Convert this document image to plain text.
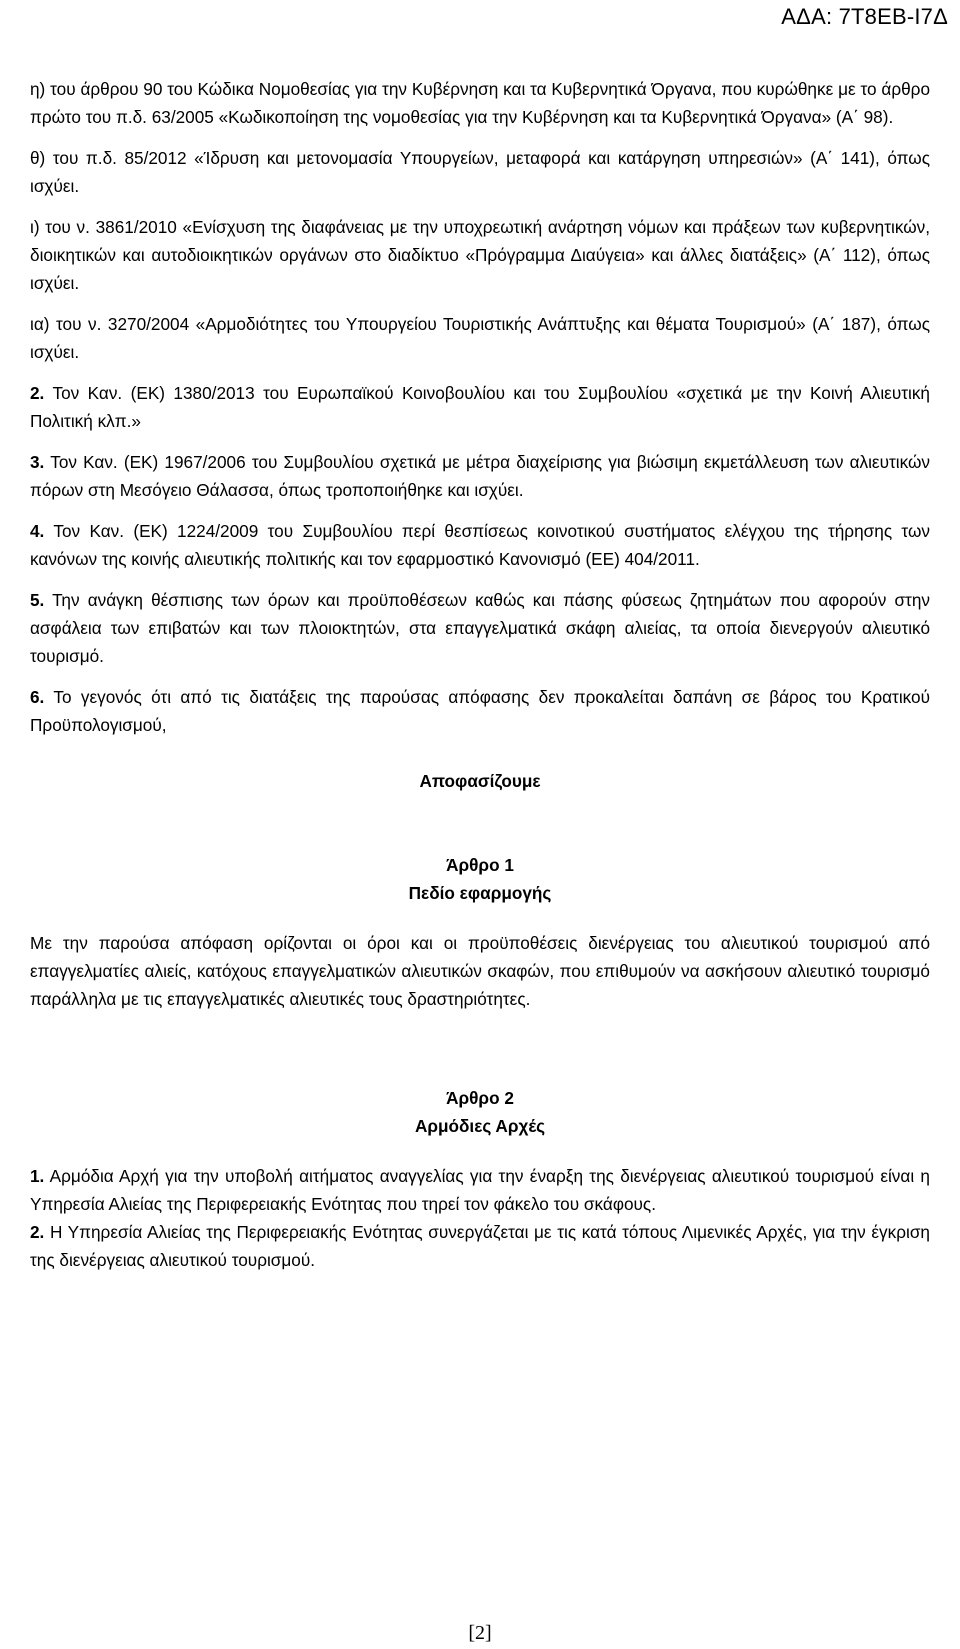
ΑΔΑ: 7Τ8ΕΒ-Ι7Δ

η) του άρθρου 90 του Κώδικα Νομοθεσίας για την Κυβέρνηση και τα Κυβερνητικά Όργανα, που κυρώθηκε με το άρθρο πρώτο του π.δ. 63/2005 «Κωδικοποίηση της νομοθεσίας για την Κυβέρνηση και τα Κυβερνητικά Όργανα» (Α΄ 98).

θ) του π.δ. 85/2012 «Ίδρυση και μετονομασία Υπουργείων, μεταφορά και κατάργηση υπηρεσιών» (Α΄ 141), όπως ισχύει.

ι) του ν. 3861/2010 «Ενίσχυση της διαφάνειας με την υποχρεωτική ανάρτηση νόμων και πράξεων των κυβερνητικών, διοικητικών και αυτοδιοικητικών οργάνων στο διαδίκτυο «Πρόγραμμα Διαύγεια» και άλλες διατάξεις» (Α΄ 112), όπως ισχύει.

ια) του ν. 3270/2004 «Αρμοδιότητες του Υπουργείου Τουριστικής Ανάπτυξης και θέματα Τουρισμού» (Α΄ 187), όπως ισχύει.

2. Τον Καν. (ΕΚ) 1380/2013 του Ευρωπαϊκού Κοινοβουλίου και του Συμβουλίου «σχετικά με την Κοινή Αλιευτική Πολιτική κλπ.»

3. Τον Καν. (ΕΚ) 1967/2006 του Συμβουλίου σχετικά με μέτρα διαχείρισης για βιώσιμη εκμετάλλευση των αλιευτικών πόρων στη Μεσόγειο Θάλασσα, όπως τροποποιήθηκε και ισχύει.

4. Τον Καν. (ΕΚ) 1224/2009 του Συμβουλίου περί θεσπίσεως κοινοτικού συστήματος ελέγχου της τήρησης των κανόνων της κοινής αλιευτικής πολιτικής και τον εφαρμοστικό Κανονισμό (ΕΕ) 404/2011.

5. Την ανάγκη θέσπισης των όρων και προϋποθέσεων καθώς και πάσης φύσεως ζητημάτων που αφορούν στην ασφάλεια των επιβατών και των πλοιοκτητών, στα επαγγελματικά σκάφη αλιείας, τα οποία διενεργούν αλιευτικό τουρισμό.

6. Το γεγονός ότι από τις διατάξεις της παρούσας απόφασης δεν προκαλείται δαπάνη σε βάρος του Κρατικού Προϋπολογισμού,

Αποφασίζουμε

Άρθρο 1

Πεδίο εφαρμογής

Με την παρούσα απόφαση ορίζονται οι όροι και οι προϋποθέσεις διενέργειας του αλιευτικού τουρισμού από επαγγελματίες αλιείς, κατόχους επαγγελματικών αλιευτικών σκαφών, που επιθυμούν να ασκήσουν αλιευτικό τουρισμό παράλληλα με τις επαγγελματικές αλιευτικές τους δραστηριότητες.

Άρθρο 2

Αρμόδιες Αρχές

1. Αρμόδια Αρχή για την υποβολή αιτήματος αναγγελίας για την έναρξη της διενέργειας αλιευτικού τουρισμού είναι η Υπηρεσία Αλιείας της Περιφερειακής Ενότητας που τηρεί τον φάκελο του σκάφους.

2. Η Υπηρεσία Αλιείας της Περιφερειακής Ενότητας συνεργάζεται με τις κατά τόπους Λιμενικές Αρχές, για την έγκριση της διενέργειας αλιευτικού τουρισμού.

[2]
